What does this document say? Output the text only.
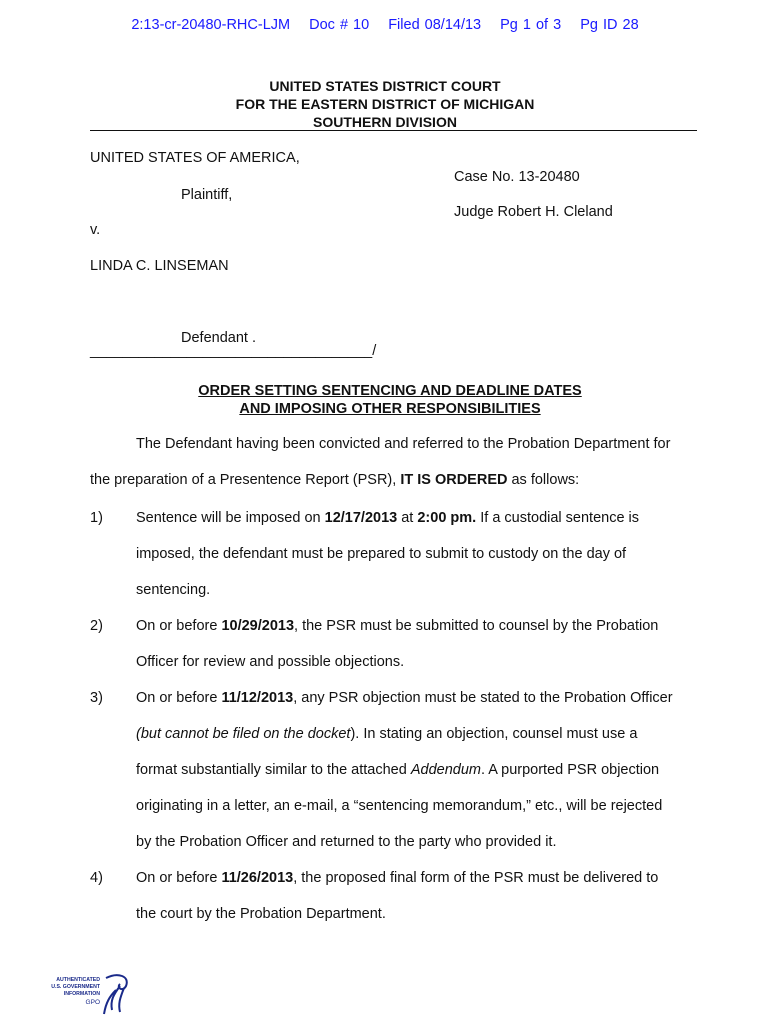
2:13-cr-20480-RHC-LJM Doc # 10 Filed 08/14/13 Pg 1 of 3 Pg ID 28
UNITED STATES DISTRICT COURT
FOR THE EASTERN DISTRICT OF MICHIGAN
SOUTHERN DIVISION
UNITED STATES OF AMERICA,
Case No. 13-20480
Plaintiff,
Judge Robert H. Cleland
v.
LINDA C. LINSEMAN
Defendant .
___________________________________/
ORDER SETTING SENTENCING AND DEADLINE DATES
AND IMPOSING OTHER RESPONSIBILITIES
The Defendant having been convicted and referred to the Probation Department for
the preparation of a Presentence Report (PSR), IT IS ORDERED as follows:
1) Sentence will be imposed on 12/17/2013 at 2:00 pm. If a custodial sentence is
imposed, the defendant must be prepared to submit to custody on the day of
sentencing.
2) On or before 10/29/2013, the PSR must be submitted to counsel by the Probation
Officer for review and possible objections.
3) On or before 11/12/2013, any PSR objection must be stated to the Probation Officer
(but cannot be filed on the docket). In stating an objection, counsel must use a
format substantially similar to the attached Addendum. A purported PSR objection
originating in a letter, an e-mail, a “sentencing memorandum,” etc., will be rejected
by the Probation Officer and returned to the party who provided it.
4) On or before 11/26/2013, the proposed final form of the PSR must be delivered to
the court by the Probation Department.
AUTHENTICATED
U.S. GOVERNMENT
INFORMATION
GPO
